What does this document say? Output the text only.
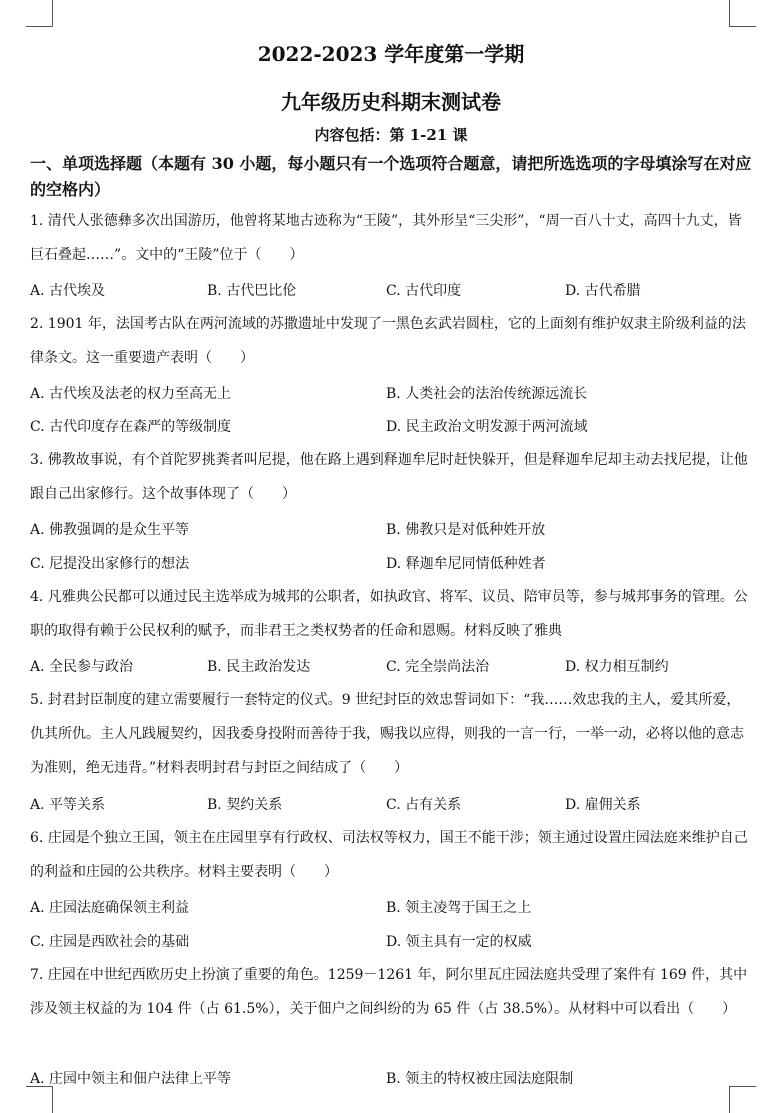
2022-2023 学年度第一学期
九年级历史科期末测试卷
内容包括：第 1-21 课
一、单项选择题（本题有 30 小题，每小题只有一个选项符合题意，请把所选选项的字母填涂写在对应的空格内）
1. 清代人张德彝多次出国游历，他曾将某地古迹称为“王陵”，其外形呈“三尖形”，“周一百八十丈，高四十九丈，皆巨石叠起……”。文中的“王陵”位于（　　）
A. 古代埃及	B. 古代巴比伦	C. 古代印度	D. 古代希腊
2. 1901 年，法国考古队在两河流域的苏撒遗址中发现了一黑色玄武岩圆柱，它的上面刻有维护奴隶主阶级利益的法律条文。这一重要遗产表明（　　）
A. 古代埃及法老的权力至高无上	B. 人类社会的法治传统源远流长
C. 古代印度存在森严的等级制度	D. 民主政治文明发源于两河流域
3. 佛教故事说，有个首陀罗挑粪者叫尼提，他在路上遇到释迦牟尼时赶快躲开，但是释迦牟尼却主动去找尼提，让他跟自己出家修行。这个故事体现了（　　）
A. 佛教强调的是众生平等	B. 佛教只是对低种姓开放
C. 尼提没出家修行的想法	D. 释迦牟尼同情低种姓者
4. 凡雅典公民都可以通过民主选举成为城邦的公职者，如执政官、将军、议员、陪审员等，参与城邦事务的管理。公职的取得有赖于公民权利的赋予，而非君王之类权势者的任命和恩赐。材料反映了雅典
A. 全民参与政治	B. 民主政治发达	C. 完全崇尚法治	D. 权力相互制约
5. 封君封臣制度的建立需要履行一套特定的仪式。9 世纪封臣的效忠誓词如下：“我……效忠我的主人，爱其所爱，仇其所仇。主人凡践履契约，因我委身投附而善待于我，赐我以应得，则我的一言一行，一举一动，必将以他的意志为准则，绝无违背。”材料表明封君与封臣之间结成了（　　）
A. 平等关系	B. 契约关系	C. 占有关系	D. 雇佣关系
6. 庄园是个独立王国，领主在庄园里享有行政权、司法权等权力，国王不能干涉；领主通过设置庄园法庭来维护自己的利益和庄园的公共秩序。材料主要表明（　　）
A. 庄园法庭确保领主利益	B. 领主凌驾于国王之上
C. 庄园是西欧社会的基础	D. 领主具有一定的权威
7. 庄园在中世纪西欧历史上扮演了重要的角色。1259－1261 年，阿尔里瓦庄园法庭共受理了案件有 169 件，其中涉及领主权益的为 104 件（占 61.5%），关于佃户之间纠纷的为 65 件（占 38.5%）。从材料中可以看出（　　）
A. 庄园中领主和佃户法律上平等	B. 领主的特权被庄园法庭限制
